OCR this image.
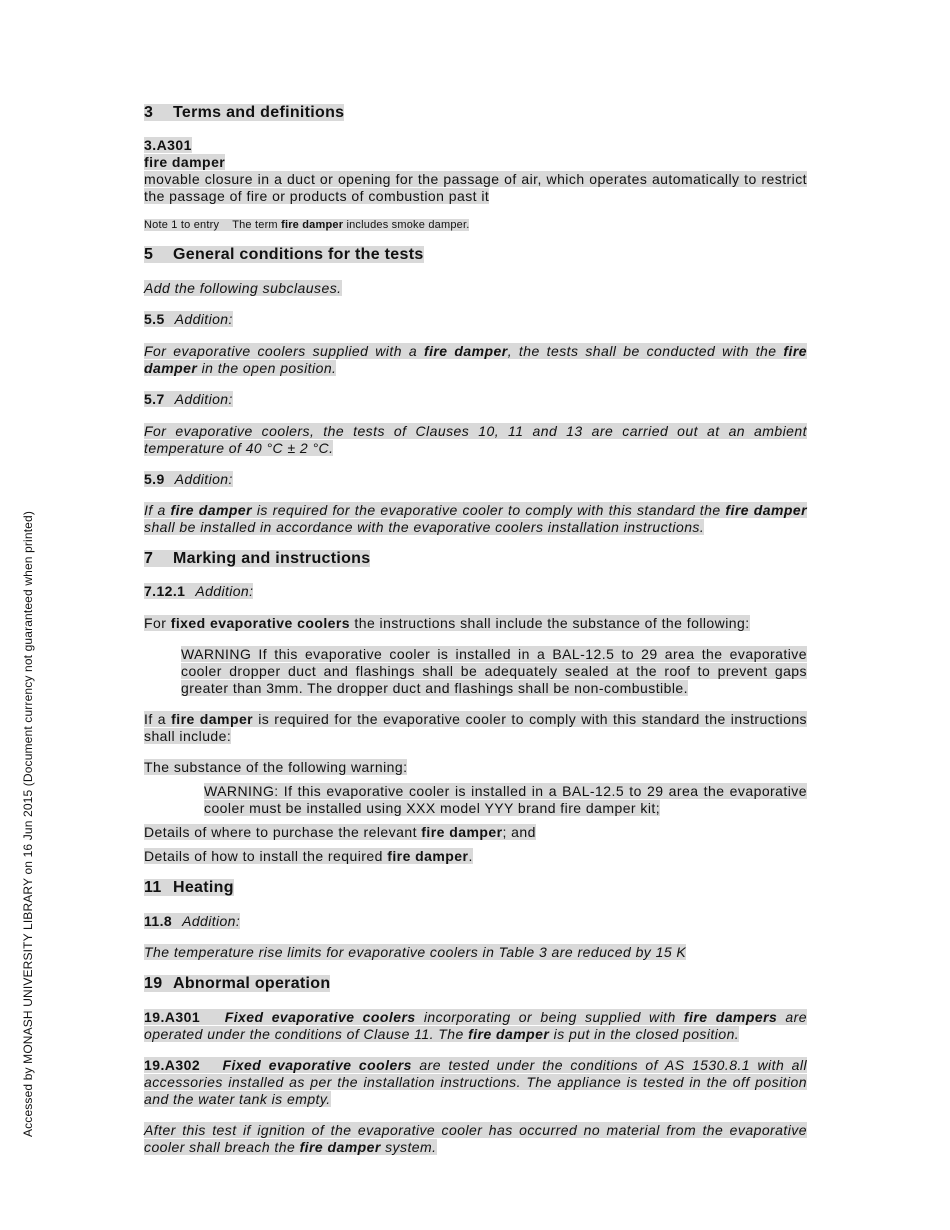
Accessed by MONASH UNIVERSITY LIBRARY on 16 Jun 2015 (Document currency not guaranteed when printed)
3 Terms and definitions
3.A301
fire damper
movable closure in a duct or opening for the passage of air, which operates automatically to restrict the passage of fire or products of combustion past it
Note 1 to entry The term fire damper includes smoke damper.
5 General conditions for the tests
Add the following subclauses.
5.5 Addition:
For evaporative coolers supplied with a fire damper, the tests shall be conducted with the fire damper in the open position.
5.7 Addition:
For evaporative coolers, the tests of Clauses 10, 11 and 13 are carried out at an ambient temperature of 40 °C ± 2 °C.
5.9 Addition:
If a fire damper is required for the evaporative cooler to comply with this standard the fire damper shall be installed in accordance with the evaporative coolers installation instructions.
7 Marking and instructions
7.12.1 Addition:
For fixed evaporative coolers the instructions shall include the substance of the following:
WARNING If this evaporative cooler is installed in a BAL-12.5 to 29 area the evaporative cooler dropper duct and flashings shall be adequately sealed at the roof to prevent gaps greater than 3mm. The dropper duct and flashings shall be non-combustible.
If a fire damper is required for the evaporative cooler to comply with this standard the instructions shall include:
The substance of the following warning:
WARNING: If this evaporative cooler is installed in a BAL-12.5 to 29 area the evaporative cooler must be installed using XXX model YYY brand fire damper kit;
Details of where to purchase the relevant fire damper; and
Details of how to install the required fire damper.
11 Heating
11.8 Addition:
The temperature rise limits for evaporative coolers in Table 3 are reduced by 15 K
19 Abnormal operation
19.A301 Fixed evaporative coolers incorporating or being supplied with fire dampers are operated under the conditions of Clause 11. The fire damper is put in the closed position.
19.A302 Fixed evaporative coolers are tested under the conditions of AS 1530.8.1 with all accessories installed as per the installation instructions. The appliance is tested in the off position and the water tank is empty.
After this test if ignition of the evaporative cooler has occurred no material from the evaporative cooler shall breach the fire damper system.
